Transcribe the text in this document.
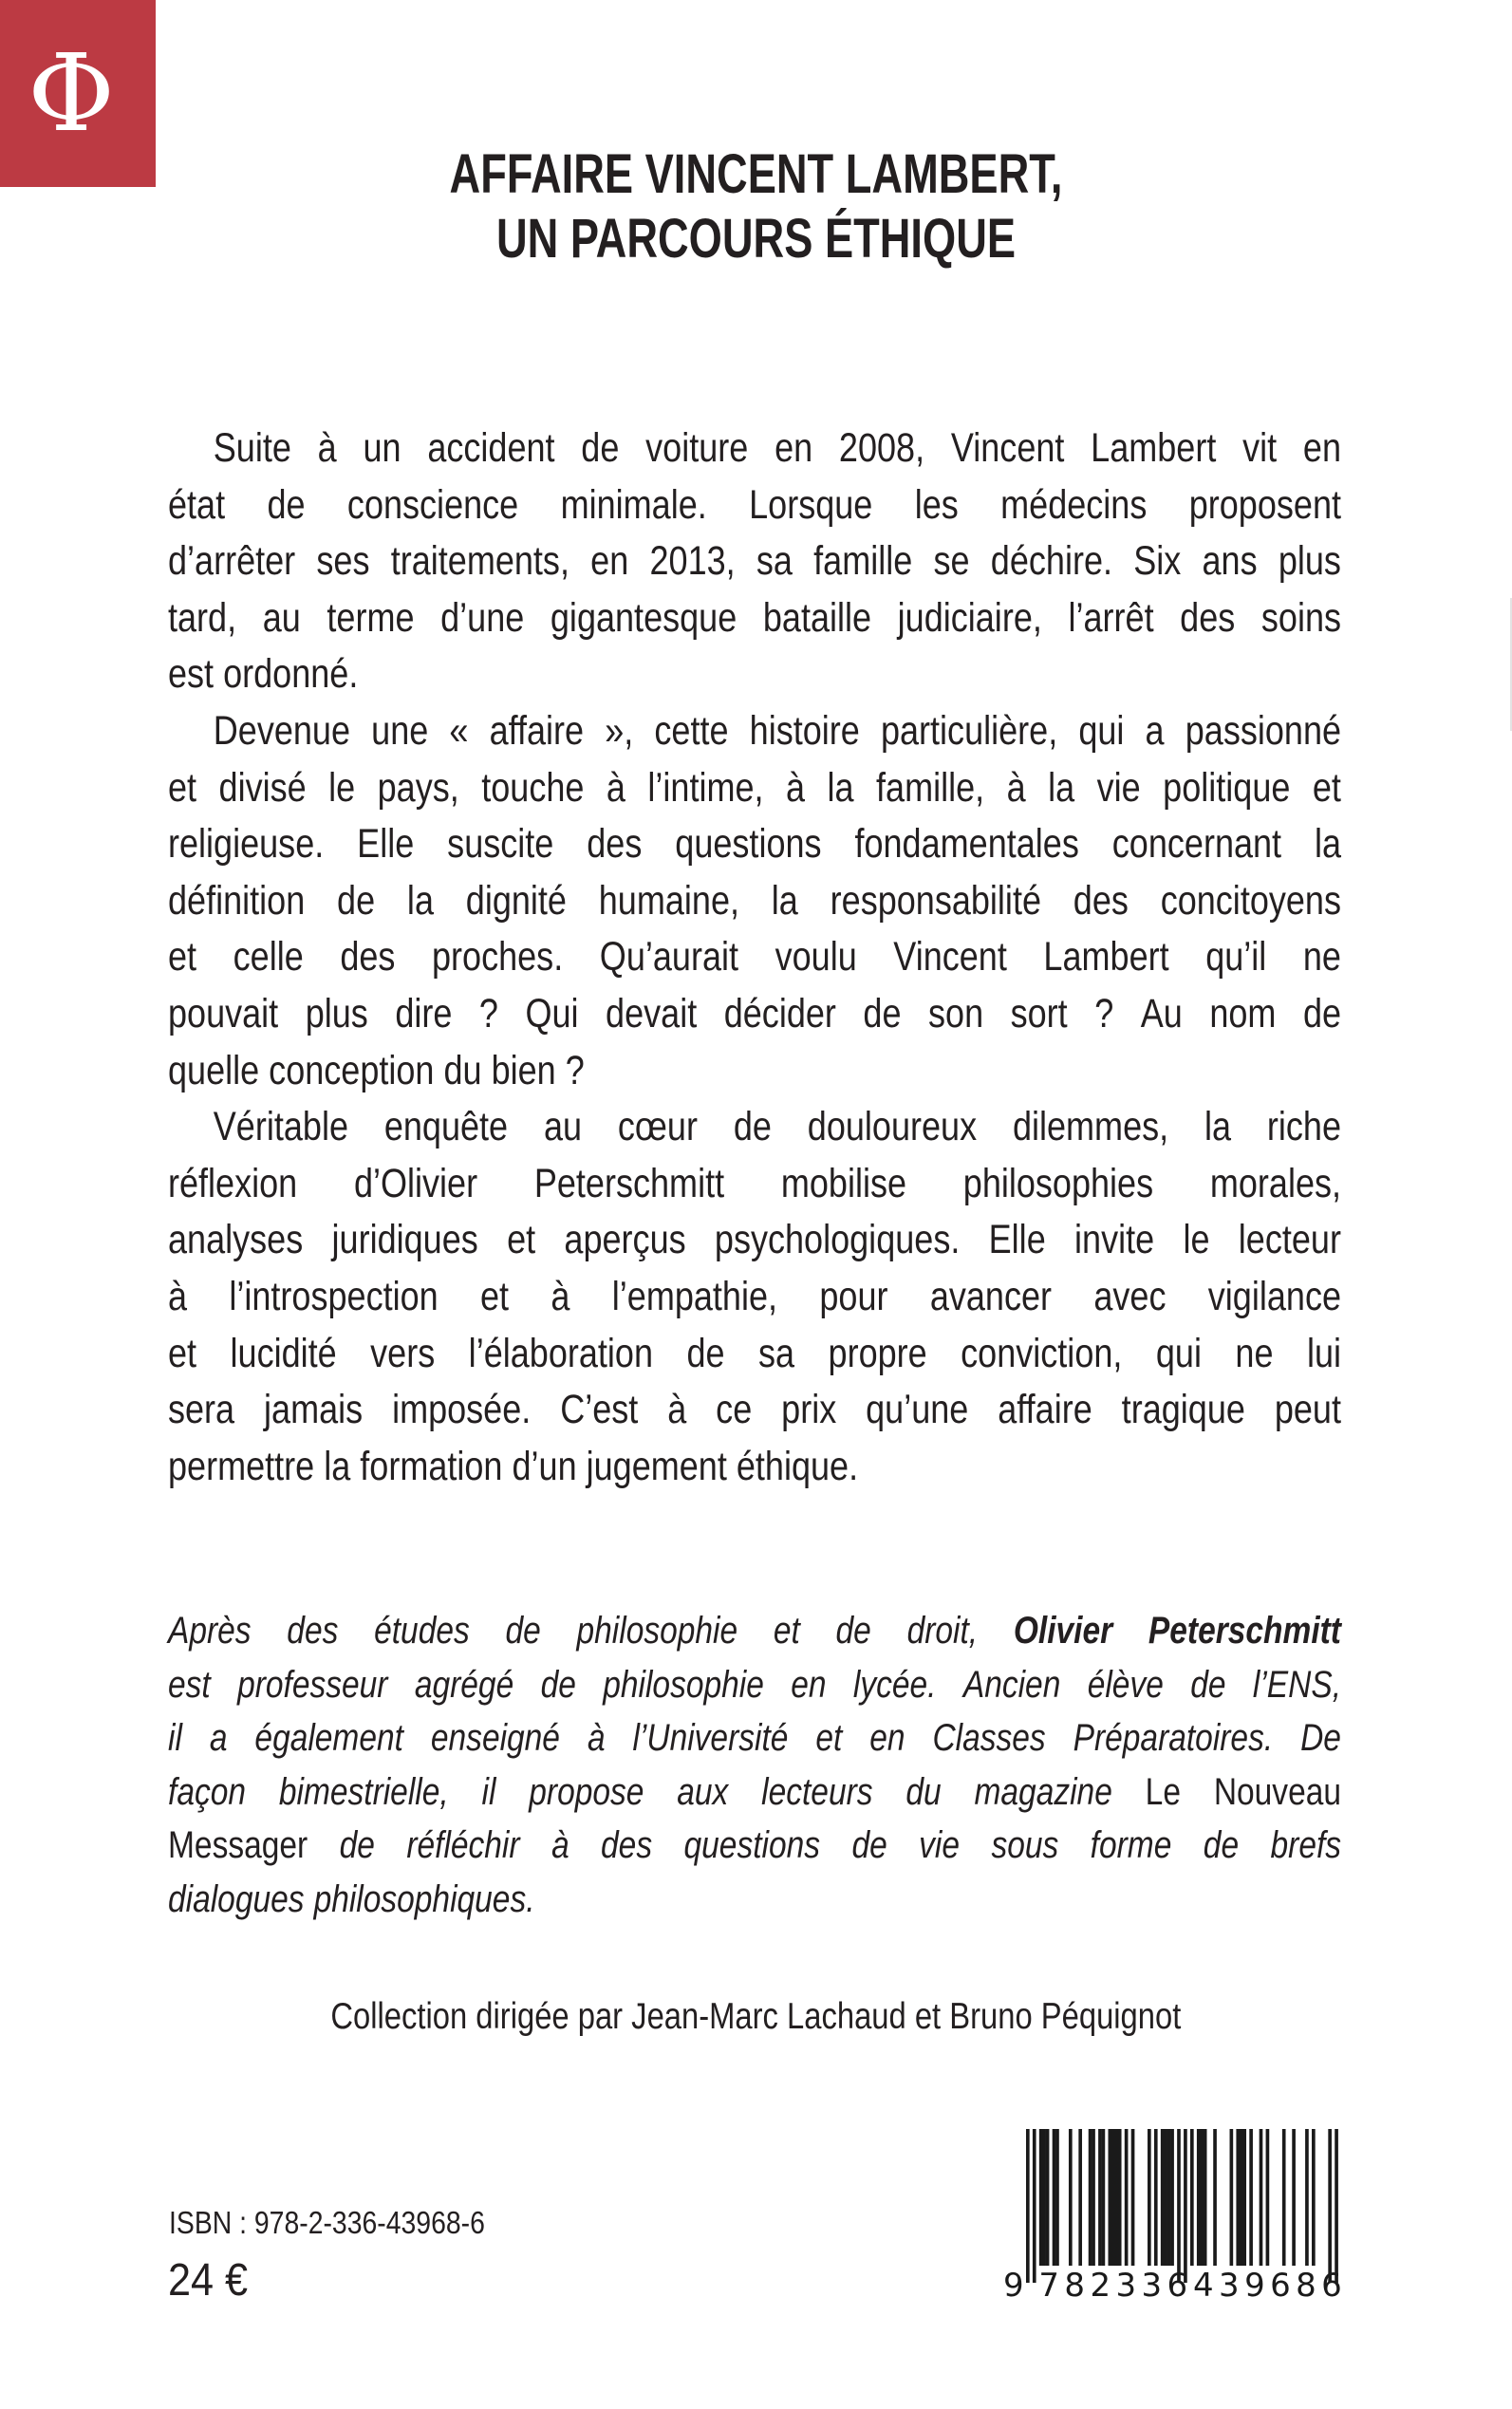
Φ
AFFAIRE VINCENT LAMBERT,
UN PARCOURS ÉTHIQUE
Suite à un accident de voiture en 2008, Vincent Lambert vit en
état de conscience minimale. Lorsque les médecins proposent
d’arrêter ses traitements, en 2013, sa famille se déchire. Six ans plus
tard, au terme d’une gigantesque bataille judiciaire, l’arrêt des soins
est ordonné.
Devenue une « affaire », cette histoire particulière, qui a passionné
et divisé le pays, touche à l’intime, à la famille, à la vie politique et
religieuse. Elle suscite des questions fondamentales concernant la
définition de la dignité humaine, la responsabilité des concitoyens
et celle des proches. Qu’aurait voulu Vincent Lambert qu’il ne
pouvait plus dire ? Qui devait décider de son sort ? Au nom de
quelle conception du bien ?
Véritable enquête au cœur de douloureux dilemmes, la riche
réflexion d’Olivier Peterschmitt mobilise philosophies morales,
analyses juridiques et aperçus psychologiques. Elle invite le lecteur
à l’introspection et à l’empathie, pour avancer avec vigilance
et lucidité vers l’élaboration de sa propre conviction, qui ne lui
sera jamais imposée. C’est à ce prix qu’une affaire tragique peut
permettre la formation d’un jugement éthique.
Après des études de philosophie et de droit, Olivier Peterschmitt
est professeur agrégé de philosophie en lycée. Ancien élève de l’ENS,
il a également enseigné à l’Université et en Classes Préparatoires. De
façon bimestrielle, il propose aux lecteurs du magazine Le Nouveau
Messager de réfléchir à des questions de vie sous forme de brefs
dialogues philosophiques.
Collection dirigée par Jean-Marc Lachaud et Bruno Péquignot
ISBN : 978-2-336-43968-6
24 €	9 782336 439686
